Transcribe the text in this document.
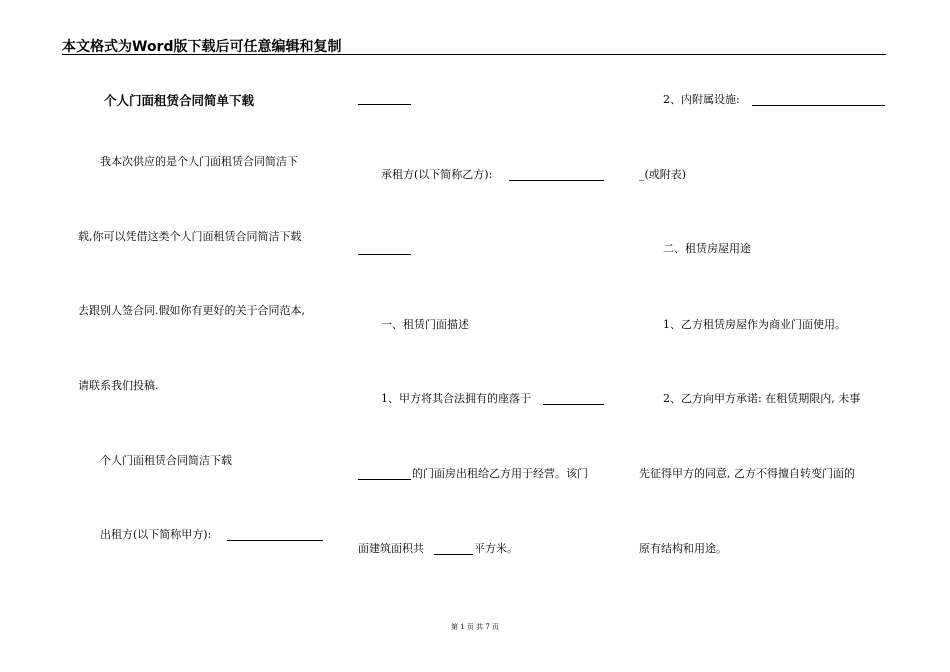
本文格式为Word版下载后可任意编辑和复制
个人门面租赁合同简单下载
我本次供应的是个人门面租赁合同简洁下
载,你可以凭借这类个人门面租赁合同简洁下载
去跟别人签合同.假如你有更好的关于合同范本,
请联系我们投稿.
个人门面租赁合同简洁下载
出租方(以下简称甲方):
承租方(以下简称乙方):
一、租赁门面描述
1、甲方将其合法拥有的座落于
的门面房出租给乙方用于经营。该门
面建筑面积共	平方米。
2、内附属设施:
_(或附表)
二、租赁房屋用途
1、乙方租赁房屋作为商业门面使用。
2、乙方向甲方承诺: 在租赁期限内, 未事
先征得甲方的同意, 乙方不得擅自转变门面的
原有结构和用途。
第 1 页 共 7 页
